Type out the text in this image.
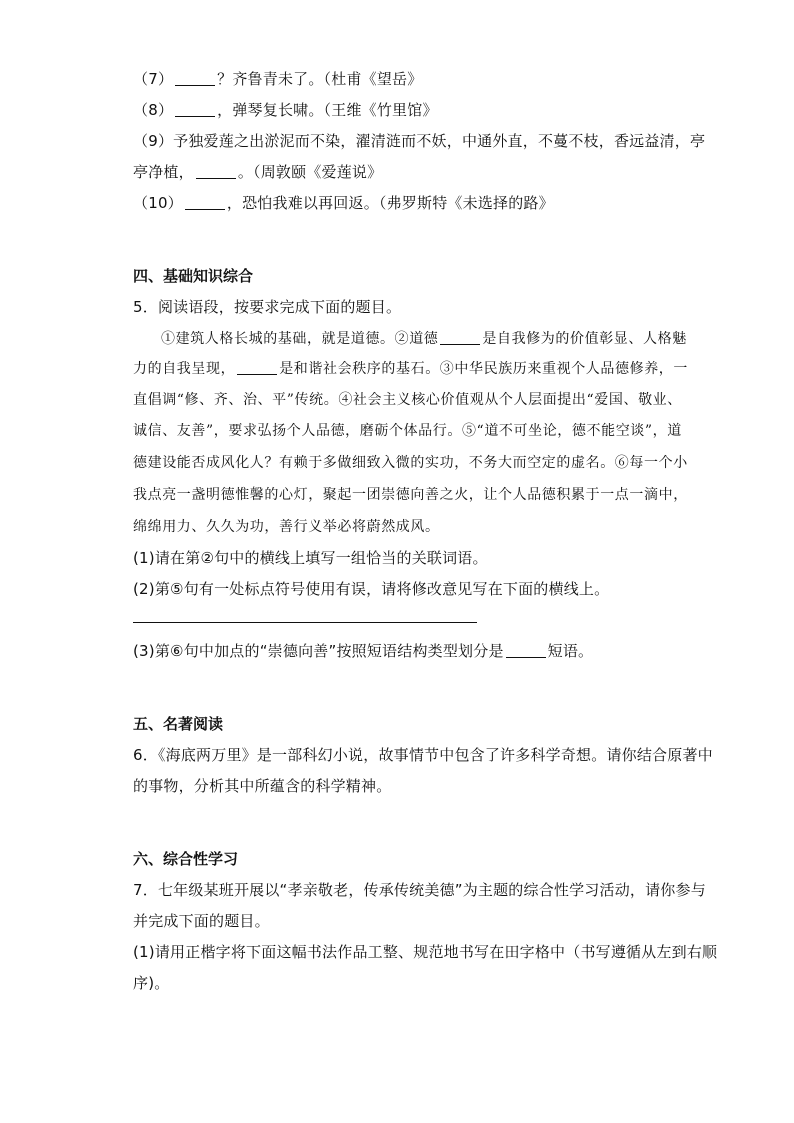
（7）	？齐鲁青未了。（杜甫《望岳》
（8）	，弹琴复长啸。（王维《竹里馆》
（9）予独爱莲之出淤泥而不染，濯清涟而不妖，中通外直，不蔓不枝，香远益清，亭
亭净植，	。（周敦颐《爱莲说》
（10）	，恐怕我难以再回返。（弗罗斯特《未选择的路》
四、基础知识综合
5．阅读语段，按要求完成下面的题目。
①建筑人格长城的基础，就是道德。②道德	是自我修为的价值彰显、人格魅
力的自我呈现，	是和谐社会秩序的基石。③中华民族历来重视个人品德修养，一
直倡调“修、齐、治、平”传统。④社会主义核心价值观从个人层面提出“爱国、敬业、
诚信、友善”，要求弘扬个人品德，磨砺个体品行。⑤“道不可坐论，德不能空谈”，道
德建设能否成风化人？有赖于多做细致入微的实功，不务大而空定的虚名。⑥每一个小
我点亮一盏明德惟馨的心灯，聚起一团崇德向善之火，让个人品德积累于一点一滴中，
绵绵用力、久久为功，善行义举必将蔚然成风。
(1)请在第②句中的横线上填写一组恰当的关联词语。
(2)第⑤句有一处标点符号使用有误，请将修改意见写在下面的横线上。
(3)第⑥句中加点的“崇德向善”按照短语结构类型划分是	短语。
五、名著阅读
6．《海底两万里》是一部科幻小说，故事情节中包含了许多科学奇想。请你结合原著中
的事物，分析其中所蕴含的科学精神。
六、综合性学习
7．七年级某班开展以“孝亲敬老，传承传统美德”为主题的综合性学习活动，请你参与
并完成下面的题目。
(1)请用正楷字将下面这幅书法作品工整、规范地书写在田字格中（书写遵循从左到右顺
序)。
